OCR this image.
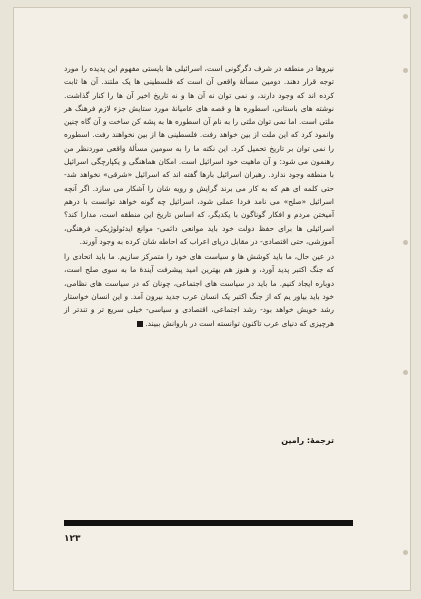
نیروها در منطقه در شرف دگرگونی است، اسرائیلی ها بایستی مفهوم این پدیده را مورد توجه قرار دهند. دومین مسألهٔ واقعی آن است که فلسطینی ها یک ملتند. آن ها ثابت کرده اند که وجود دارند، و نمی توان نه آن ها و نه تاریخ اخیر آن ها را کنار گذاشت. نوشته های باستانی، اسطوره ها و قصه های عامیانهٔ مورد ستایش جزء لازم فرهنگ هر ملتی است. اما نمی توان ملتی را به نام آن اسطوره ها به پشه کن ساخت و آن گاه چنین وانمود کرد که این ملت از بین خواهد رفت. فلسطینی ها از بین نخواهند رفت. اسطوره را نمی توان بر تاریخ تحمیل کرد. این نکته ما را به سومین مسألهٔ واقعی موردنظر من رهنمون می شود: و آن ماهیت خود اسرائیل است. امکان هماهنگی و یکپارچگی اسرائیل با منطقه وجود ندارد. رهبران اسرائیل بارها گفته اند که اسرائیل «شرقی» نخواهد شد- حتی کلمه ای هم که به کار می برند گرایش و رویه شان را آشکار می سازد. اگر آنچه اسرائیل «صلح» می نامد فردا عملی شود، اسرائیل چه گونه خواهد توانست با درهم آمیختن مردم و افکار گوناگون با یکدیگر، که اساس تاریخ این منطقه است، مدارا کند؟ اسرائیلی ها برای حفظ دولت خود باید موانعی دائمی- موانع ایدئولوژیکی، فرهنگی، آموزشی، حتی اقتصادی- در مقابل دریای اعراب که احاطه شان کرده به وجود آورند.

در عین حال، ما باید کوشش ها و سیاست های خود را متمرکز سازیم. ما باید اتحادی را که جنگ اکتبر پدید آورد، و هنوز هم بهترین امید پیشرفت آیندهٔ ما به سوی صلح است، دوباره ایجاد کنیم. ما باید در سیاست های اجتماعی، چونان که در سیاست های نظامی، خود باید بیاور یم که از جنگ اکتبر یک انسان عرب جدید بیرون آمد. و این انسان خواستار رشد خویش خواهد بود- رشد اجتماعی، اقتصادی و سیاسی- خیلی سریع تر و تندتر از هرچیزی که دنیای عرب تاکنون توانسته است در باروانش ببیند.

ترجمهٔ: رامین
۱۲۳
